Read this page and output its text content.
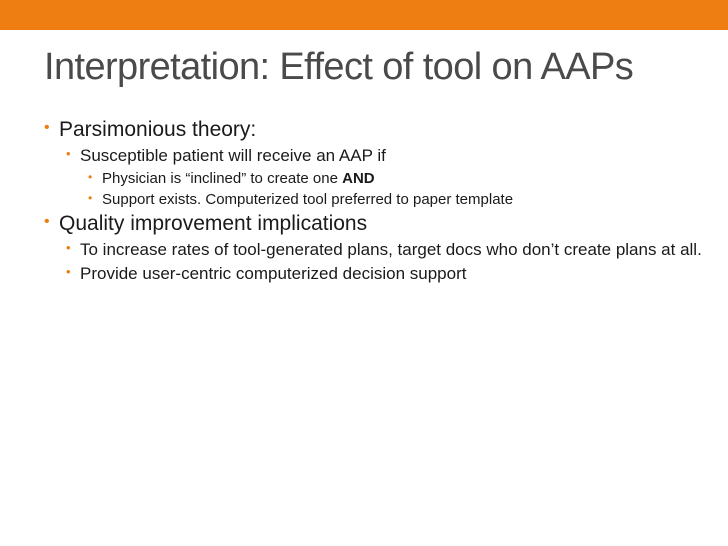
Interpretation: Effect of tool on AAPs
• Parsimonious theory:
• Susceptible patient will receive an AAP if
• Physician is “inclined” to create one AND
• Support exists. Computerized tool preferred to paper template
• Quality improvement implications
• To increase rates of tool-generated plans, target docs who don’t create plans at all.
• Provide user-centric computerized decision support
